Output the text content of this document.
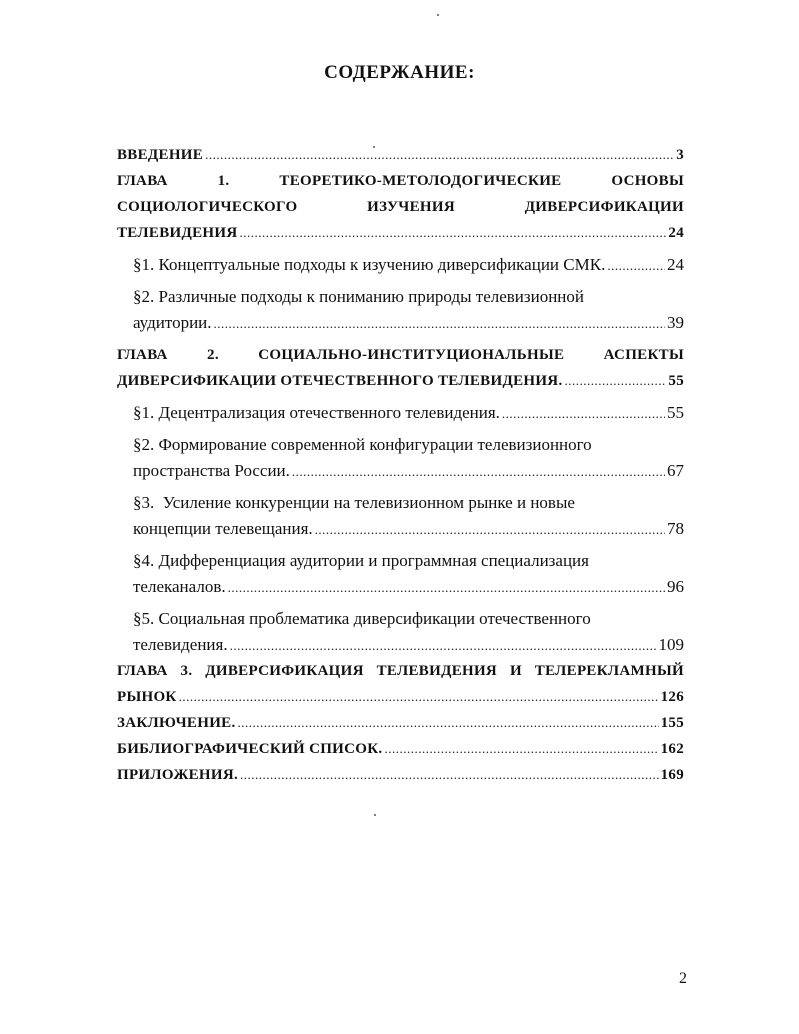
СОДЕРЖАНИЕ:
ВВЕДЕНИЕ .....	3
ГЛАВА	1.	ТЕОРЕТИКО-МЕТОЛОДОГИЧЕСКИЕ	ОСНОВЫ
СОЦИОЛОГИЧЕСКОГО	ИЗУЧЕНИЯ	ДИВЕРСИФИКАЦИИ
ТЕЛЕВИДЕНИЯ .....	24
§1. Концептуальные подходы к изучению диверсификации СМК. .....	24
§2. Различные подходы к пониманию природы телевизионной
аудитории. .....	39
ГЛАВА	2.	СОЦИАЛЬНО-ИНСТИТУЦИОНАЛЬНЫЕ	АСПЕКТЫ
ДИВЕРСИФИКАЦИИ ОТЕЧЕСТВЕННОГО ТЕЛЕВИДЕНИЯ. .....	55
§1. Децентрализация отечественного телевидения. .....	55
§2. Формирование современной конфигурации телевизионного
пространства России. .....	67
§3.  Усиление конкуренции на телевизионном рынке и новые
концепции телевещания. .....	78
§4. Дифференциация аудитории и программная специализация
телеканалов. .....	96
§5. Социальная проблематика диверсификации отечественного
телевидения. .....	109
ГЛАВА 3. ДИВЕРСИФИКАЦИЯ ТЕЛЕВИДЕНИЯ И ТЕЛЕРЕКЛАМНЫЙ
РЫНОК .....	126
ЗАКЛЮЧЕНИЕ. .....	155
БИБЛИОГРАФИЧЕСКИЙ СПИСОК. .....	162
ПРИЛОЖЕНИЯ. .....	169
2
